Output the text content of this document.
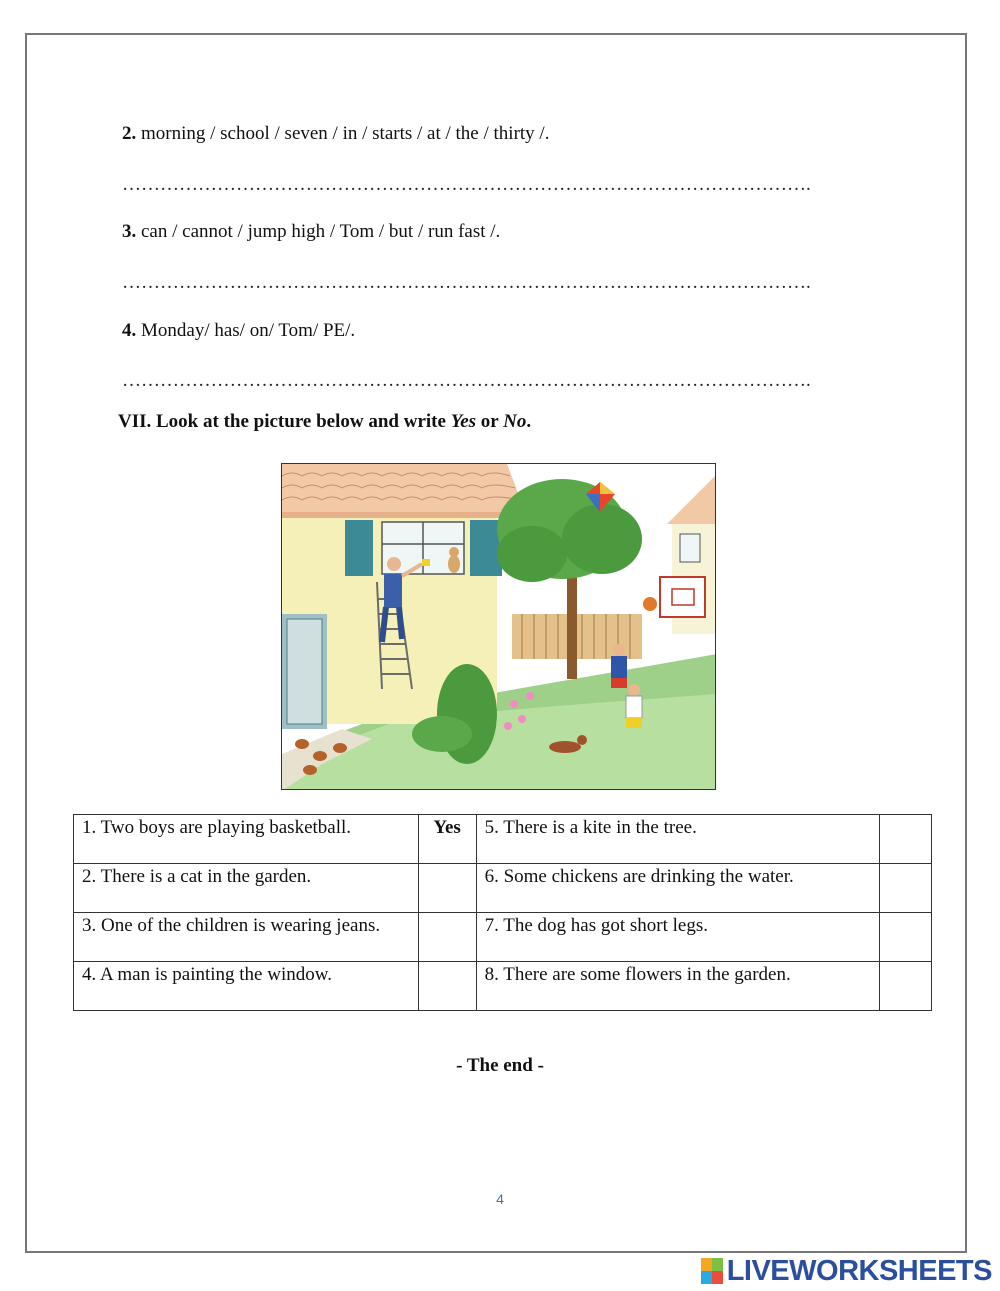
2. morning / school / seven / in / starts / at / the / thirty /.
……………………………………………………………………………………………….
3. can / cannot / jump high / Tom / but / run fast /.
……………………………………………………………………………………………….
4. Monday/ has/ on/ Tom/ PE/.
……………………………………………………………………………………………….
VII. Look at the picture below and write Yes or No.
1. Two boys are playing basketball.	Yes	5. There is a kite in the tree.	
2. There is a cat in the garden.		6. Some chickens are drinking the water.	
3. One of the children is wearing jeans.		7. The dog has got short legs.	
4. A man is painting the window.		8. There are some flowers in the garden.	
- The end -
4
LIVEWORKSHEETS
